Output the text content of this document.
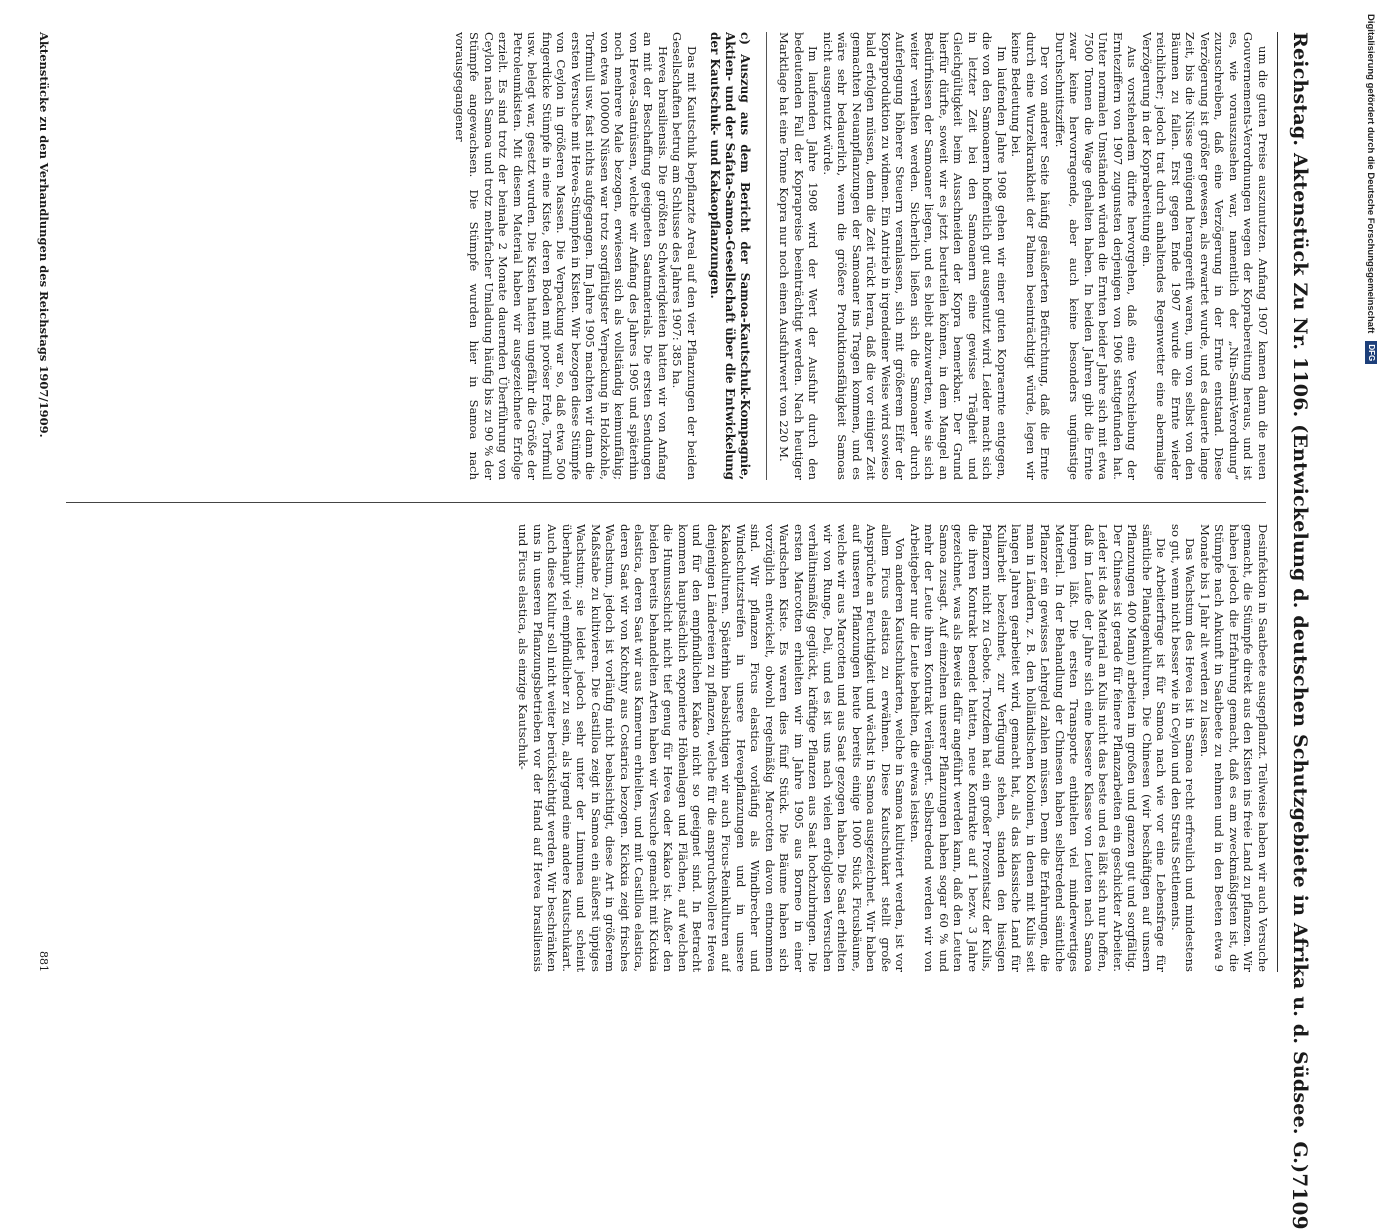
Reichstag. Aktenstück Zu Nr. 1106. (Entwickelung d. deutschen Schutzgebiete in Afrika u. d. Südsee. G.)
7109

um die guten Preise auszunutzen. Anfang 1907 kamen dann die neuen Gouvernements-Verordnungen wegen der Koprabereitung heraus, und ist es, wie vorauszusehen war, namentlich der „Nin-Sami-Verordnung“ zuzuschreiben, daß eine Verzögerung in der Ernte entstand. Diese Verzögerung ist größer gewesen, als erwartet wurde, und es dauerte lange Zeit, bis die Nüsse genügend herangereift waren, um von selbst von den Bäumen zu fallen. Erst gegen Ende 1907 wurde die Ernte wieder reichlicher; jedoch trat durch anhaltendes Regenwetter eine abermalige Verzögerung in der Koprabereitung ein.

Aus vorstehendem dürfte hervorgehen, daß eine Verschiebung der Ernteziffern von 1907 zugunsten derjenigen von 1906 stattgefunden hat. Unter normalen Umständen würden die Ernten beider Jahre sich mit etwa 7500 Tonnen die Wage gehalten haben. In beiden Jahren gibt die Ernte zwar keine hervorragende, aber auch keine besonders ungünstige Durchschnittsziffer.

Der von anderer Seite häufig geäußerten Befürchtung, daß die Ernte durch eine Wurzelkrankheit der Palmen beeinträchtigt würde, legen wir keine Bedeutung bei.

Im laufenden Jahre 1908 gehen wir einer guten Kopraernte entgegen, die von den Samoanern hoffentlich gut ausgenutzt wird. Leider macht sich in letzter Zeit bei den Samoanern eine gewisse Trägheit und Gleichgültigkeit beim Ausschneiden der Kopra bemerkbar. Der Grund hierfür dürfte, soweit wir es jetzt beurteilen können, in dem Mangel an Bedürfnissen der Samoaner liegen, und es bleibt abzuwarten, wie sie sich weiter verhalten werden. Sicherlich ließen sich die Samoaner durch Auferlegung höherer Steuern veranlassen, sich mit größerem Eifer der Kopraproduktion zu widmen. Ein Antrieb in irgendeiner Weise wird sowieso bald erfolgen müssen, denn die Zeit rückt heran, daß die vor einiger Zeit gemachten Neuanpflanzungen der Samoaner ins Tragen kommen, und es wäre sehr bedauerlich, wenn die größere Produktionsfähigkeit Samoas nicht ausgenutzt würde.

Im laufenden Jahre 1908 wird der Wert der Ausfuhr durch den bedeutenden Fall der Koprapreise beeinträchtigt werden. Nach heutiger Marktlage hat eine Tonne Kopra nur noch einen Ausfuhrwert von 220 M.

c) Auszug aus dem Bericht der Samoa-Kautschuk-Kompagnie, Aktien- und der Safata-Samoa-Gesellschaft über die Entwickelung der Kautschuk- und Kakaopflanzungen.

Das mit Kautschuk bepflanzte Areal auf den vier Pflanzungen der beiden Gesellschaften betrug am Schlusse des Jahres 1907: 385 ha.

Hevea brasiliensis. Die größten Schwierigkeiten hatten wir von Anfang an mit der Beschaffung geeigneten Saatmaterials. Die ersten Sendungen von Hevea-Saatnüssen, welche wir Anfang des Jahres 1905 und späterhin noch mehrere Male bezogen, erwiesen sich als vollständig keimunfähig; von etwa 100000 Nüssen war trotz sorgfältigster Verpackung in Holzkohle, Torfmull usw. fast nichts aufgegangen. Im Jahre 1905 machten wir dann die ersten Versuche mit Hevea-Stümpfen in Kisten. Wir bezogen diese Stümpfe von Ceylon in größeren Massen. Die Verpackung war so, daß etwa 500 fingerdicke Stümpfe in eine Kiste, deren Boden mit poröser Erde, Torfmull usw. belegt war, gesetzt wurden. Die Kisten hatten ungefähr die Größe der Petroleumkisten. Mit diesem Material haben wir ausgezeichnete Erfolge erzielt. Es sind trotz der beinahe 2 Monate dauernden Überführung von Ceylon nach Samoa und trotz mehrfacher Umladung häufig bis zu 90 % der Stümpfe angewachsen. Die Stümpfe wurden hier in Samoa nach vorausgegangener

Desinfektion in Saatbeete ausgepflanzt. Teilweise haben wir auch Versuche gemacht, die Stümpfe direkt aus den Kisten ins freie Land zu pflanzen. Wir haben jedoch die Erfahrung gemacht, daß es am zweckmäßigsten ist, die Stümpfe nach Ankunft in Saatbeete zu nehmen und in den Beeten etwa 9 Monate bis 1 Jahr alt werden zu lassen.

Das Wachstum des Hevea ist in Samoa recht erfreulich und mindestens so gut, wenn nicht besser wie in Ceylon und den Straits Settlements.

Die Arbeiterfrage ist für Samoa nach wie vor eine Lebensfrage für sämtliche Plantagenkulturen. Die Chinesen (wir beschäftigen auf unsern Pflanzungen 400 Mann) arbeiten im großen und ganzen gut und sorgfältig. Der Chinese ist gerade für feinere Pflanzarbeiten ein geschickter Arbeiter. Leider ist das Material an Kulis nicht das beste und es läßt sich nur hoffen, daß im Laufe der Jahre sich eine bessere Klasse von Leuten nach Samoa bringen läßt. Die ersten Transporte enthielten viel minderwertiges Material. In der Behandlung der Chinesen haben selbstredend sämtliche Pflanzer ein gewisses Lehrgeld zahlen müssen. Denn die Erfahrungen, die man in Ländern, z. B. den holländischen Kolonien, in denen mit Kulis seit langen Jahren gearbeitet wird, gemacht hat, als das klassische Land für Kuliarbeit bezeichnet, zur Verfügung stehen, standen den hiesigen Pflanzern nicht zu Gebote. Trotzdem hat ein großer Prozentsatz der Kulis, die ihren Kontrakt beendet hatten, neue Kontrakte auf 1 bezw. 3 Jahre gezeichnet, was als Beweis dafür angeführt werden kann, daß den Leuten Samoa zusagt. Auf einzelnen unserer Pflanzungen haben sogar 60 % und mehr der Leute ihren Kontrakt verlängert. Selbstredend werden wir von Arbeitgeber nur die Leute behalten, die etwas leisten.

Von anderen Kautschukarten, welche in Samoa kultiviert werden, ist vor allem Ficus elastica zu erwähnen. Diese Kautschukart stellt große Ansprüche an Feuchtigkeit und wächst in Samoa ausgezeichnet. Wir haben auf unseren Pflanzungen heute bereits einige 1000 Stück Ficusbäume, welche wir aus Marcotten und aus Saat gezogen haben. Die Saat erhielten wir von Runge, Deli, und es ist uns nach vielen erfolglosen Versuchen verhältnismäßig geglückt, kräftige Pflanzen aus Saat hochzubringen. Die ersten Marcotten erhielten wir im Jahre 1905 aus Borneo in einer Wardschen Kiste. Es waren dies fünf Stück. Die Bäume haben sich vorzüglich entwickelt, obwohl regelmäßig Marcotten davon entnommen sind. Wir pflanzen Ficus elastica vorläufig als Windbrecher und Windschutzstreifen in unsere Heveapflanzungen und in unsere Kakaokulturen. Späterhin beabsichtigen wir auch Ficus-Reinkulturen auf denjenigen Ländereien zu pflanzen, welche für die anspruchsvollere Hevea und für den empfindlichen Kakao nicht so geeignet sind. In Betracht kommen hauptsächlich exponierte Höhenlagen und Flächen, auf welchen die Humusschicht nicht tief genug für Hevea oder Kakao ist. Außer den beiden bereits behandelten Arten haben wir Versuche gemacht mit Kickxia elastica, deren Saat wir aus Kamerun erhielten, und mit Castilloa elastica, deren Saat wir von Kotchny aus Costarica bezogen. Kickxia zeigt frisches Wachstum, jedoch ist vorläufig nicht beabsichtigt, diese Art in größerem Maßstabe zu kultivieren. Die Castilloa zeigt in Samoa ein äußerst üppiges Wachstum; sie leidet jedoch sehr unter der Limumea und scheint überhaupt viel empfindlicher zu sein, als irgend eine andere Kautschukart. Auch diese Kultur soll nicht weiter berücksichtigt werden. Wir beschränken uns in unseren Pflanzungsbetrieben vor der Hand auf Hevea brasiliensis und Ficus elastica, als einzige Kautschuk-

Aktenstücke zu den Verhandlungen des Reichstags 1907/1909.
881
Digitalisierung gefördert durch die Deutsche Forschungsgemeinschaft
DFG
